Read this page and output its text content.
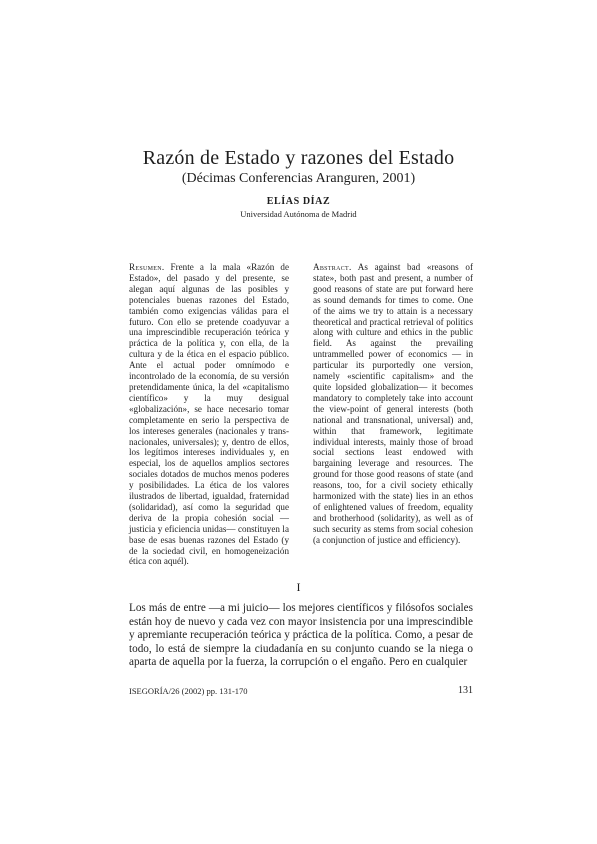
Razón de Estado y razones del Estado
(Décimas Conferencias Aranguren, 2001)
ELÍAS DÍAZ
Universidad Autónoma de Madrid
Resumen. Frente a la mala «Razón de Estado», del pasado y del presente, se alegan aquí algunas de las posibles y potenciales buenas razones del Estado, también como exigencias válidas para el futuro. Con ello se pretende coadyuvar a una imprescindible recuperación teórica y práctica de la política y, con ella, de la cultura y de la ética en el espacio público. Ante el actual poder omnímodo e incontrolado de la economía, de su versión pretendidamente única, la del «capitalismo científico» y la muy desigual «globalización», se hace necesario tomar completamente en serio la perspectiva de los intereses generales (nacionales y trans-nacionales, universales); y, dentro de ellos, los legítimos intereses individuales y, en especial, los de aquellos amplios sectores sociales dotados de muchos menos poderes y posibilidades. La ética de los valores ilustrados de libertad, igualdad, fraternidad (solidaridad), así como la seguridad que deriva de la propia cohesión social —justicia y eficiencia unidas— constituyen la base de esas buenas razones del Estado (y de la sociedad civil, en homogeneización ética con aquél).
Abstract. As against bad «reasons of state», both past and present, a number of good reasons of state are put forward here as sound demands for times to come. One of the aims we try to attain is a necessary theoretical and practical retrieval of politics along with culture and ethics in the public field. As against the prevailing untrammelled power of economics — in particular its purportedly one version, namely «scientific capitalism» and the quite lopsided globalization— it becomes mandatory to completely take into account the view-point of general interests (both national and transnational, universal) and, within that framework, legitimate individual interests, mainly those of broad social sections least endowed with bargaining leverage and resources. The ground for those good reasons of state (and reasons, too, for a civil society ethically harmonized with the state) lies in an ethos of enlightened values of freedom, equality and brotherhood (solidarity), as well as of such security as stems from social cohesion (a conjunction of justice and efficiency).
I
Los más de entre —a mi juicio— los mejores científicos y filósofos sociales están hoy de nuevo y cada vez con mayor insistencia por una imprescindible y apremiante recuperación teórica y práctica de la política. Como, a pesar de todo, lo está de siempre la ciudadanía en su conjunto cuando se la niega o aparta de aquella por la fuerza, la corrupción o el engaño. Pero en cualquier
ISEGORÍA/26 (2002) pp. 131-170	131
